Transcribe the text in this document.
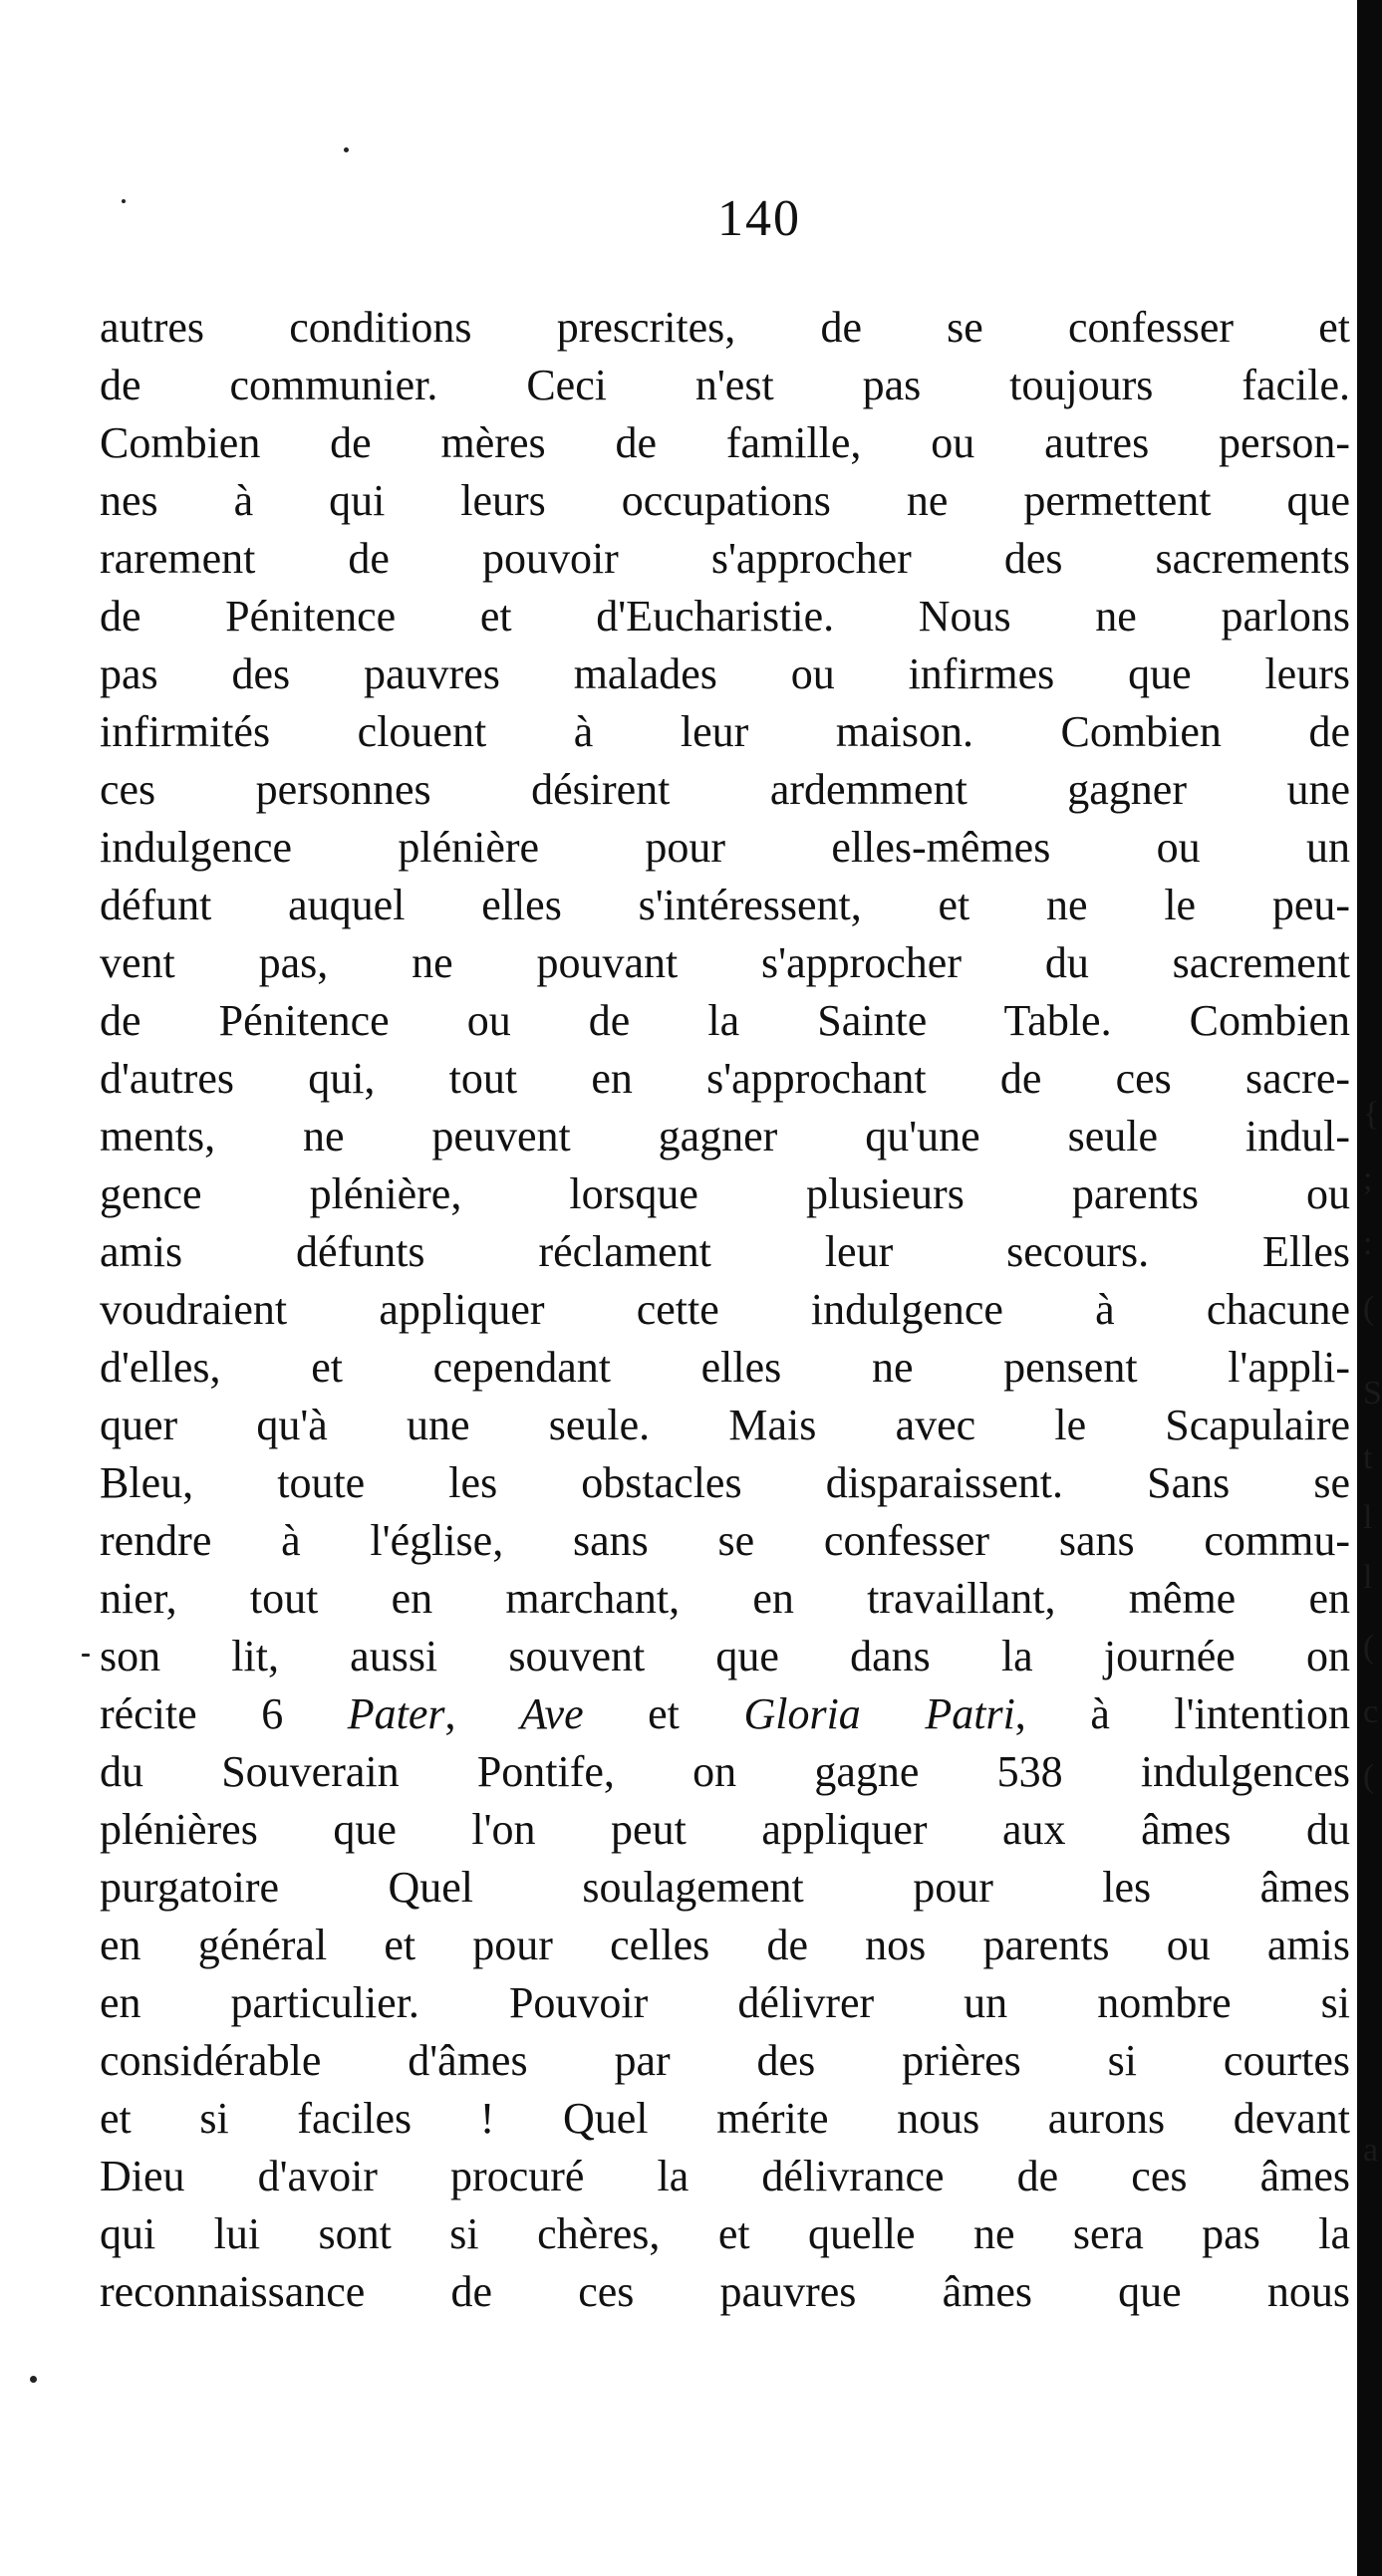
140
autres conditions prescrites, de se confesser et
de communier. Ceci n'est pas toujours facile.
Combien de mères de famille, ou autres person-
nes à qui leurs occupations ne permettent que
rarement de pouvoir s'approcher des sacrements
de Pénitence et d'Eucharistie. Nous ne parlons
pas des pauvres malades ou infirmes que leurs
infirmités clouent à leur maison. Combien de
ces personnes désirent ardemment gagner une
indulgence plénière pour elles-mêmes ou un
défunt auquel elles s'intéressent, et ne le peu-
vent pas, ne pouvant s'approcher du sacrement
de Pénitence ou de la Sainte Table. Combien
d'autres qui, tout en s'approchant de ces sacre-
ments, ne peuvent gagner qu'une seule indul-
gence plénière, lorsque plusieurs parents ou
amis défunts réclament leur secours. Elles
voudraient appliquer cette indulgence à chacune
d'elles, et cependant elles ne pensent l'appli-
quer qu'à une seule. Mais avec le Scapulaire
Bleu, toute les obstacles disparaissent. Sans se
rendre à l'église, sans se confesser sans commu-
nier, tout en marchant, en travaillant, même en
son lit, aussi souvent que dans la journée on
récite 6 Pater, Ave et Gloria Patri, à l'intention
du Souverain Pontife, on gagne 538 indulgences
plénières que l'on peut appliquer aux âmes du
purgatoire Quel soulagement pour les âmes
en général et pour celles de nos parents ou amis
en particulier. Pouvoir délivrer un nombre si
considérable d'âmes par des prières si courtes
et si faciles ! Quel mérite nous aurons devant
Dieu d'avoir procuré la délivrance de ces âmes
qui lui sont si chères, et quelle ne sera pas la
reconnaissance de ces pauvres âmes que nous
{
;
:
(
S
t
l
l
(
c
(
a
